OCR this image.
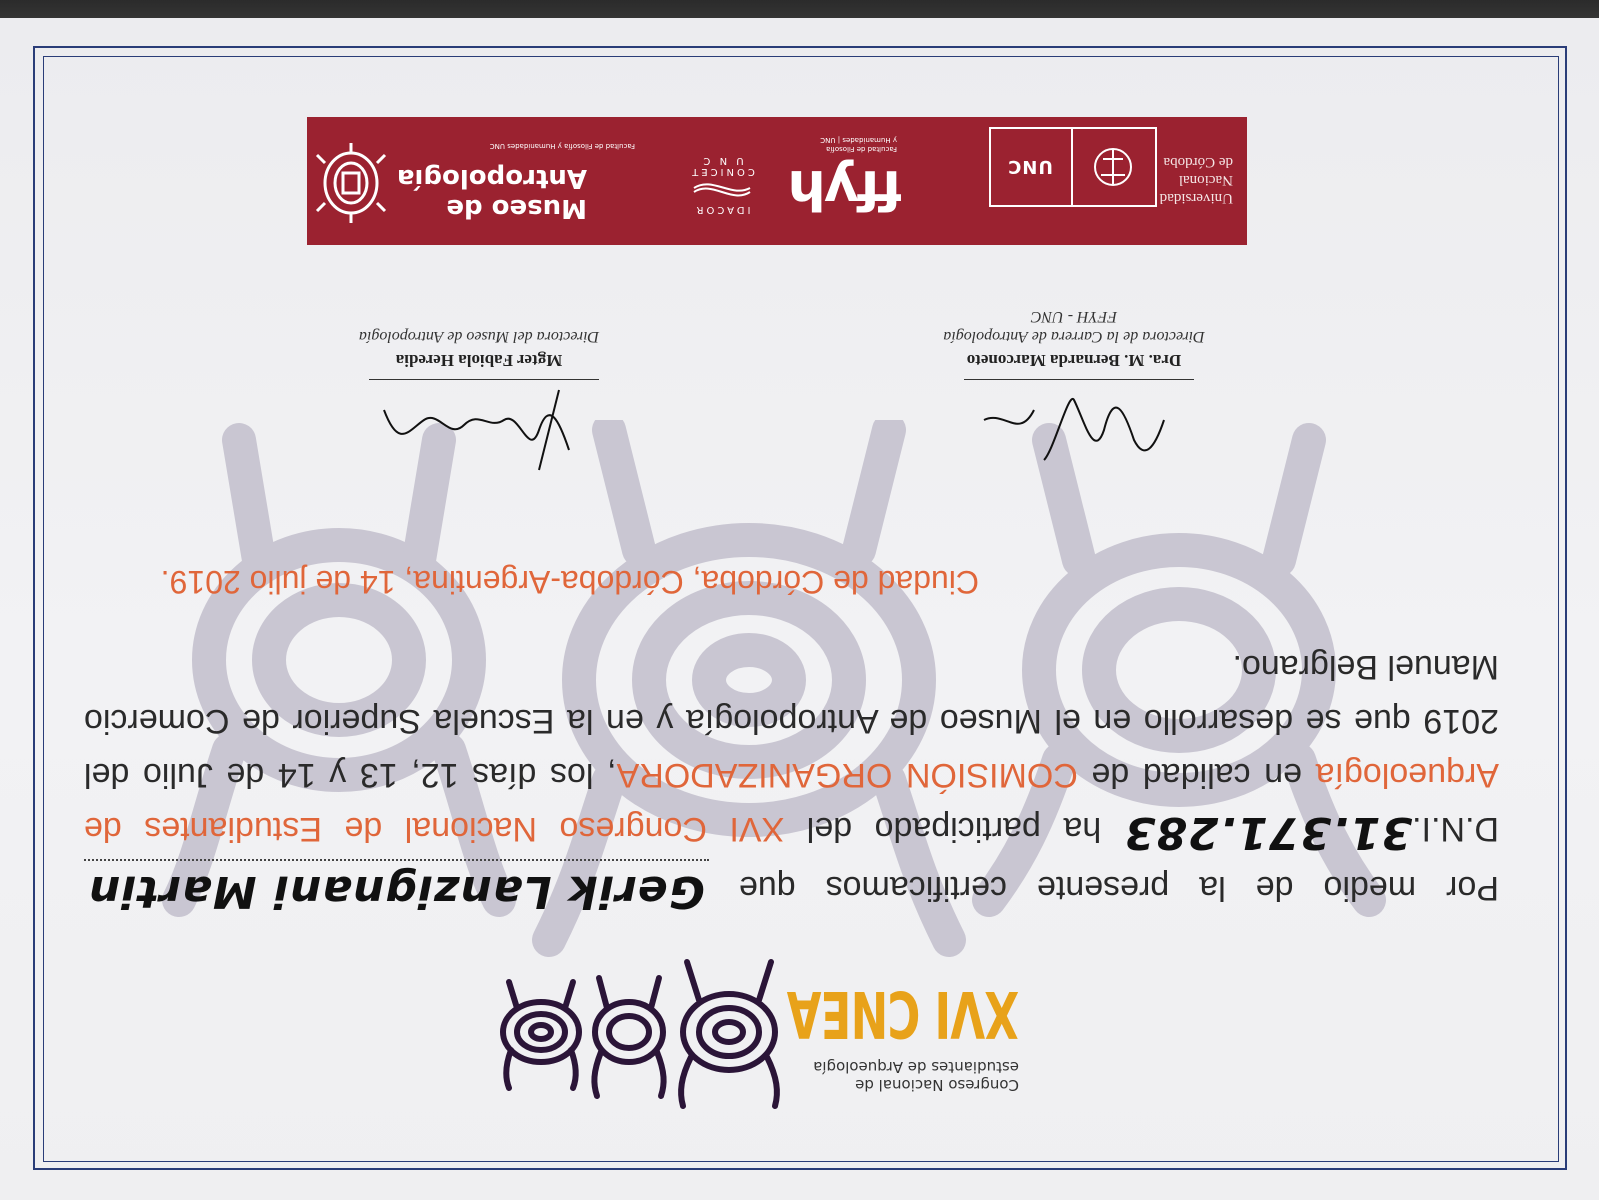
Congreso Nacional de
estudiantes de Arqueología
XVI CNEA
Por medio de la presente certificamos que Gerik Lanzignani Martin D.N.I.31.371.283 ha participado del XVI Congreso Nacional de Estudiantes de Arqueología en calidad de COMISIÓN ORGANIZADORA, los días 12, 13 y 14 de Julio del 2019 que se desarrollo en el Museo de Antropología y en la Escuela Superior de Comercio Manuel Belgrano.
Ciudad de Córdoba, Córdoba-Argentina, 14 de julio 2019.
Dra. M. Bernarda Marconeto
Directora de la Carrera de Antropología
FFYH - UNC
Mgter Fabiola Heredia
Directora del Museo de Antropología
Museo de
Antropología
Facultad de Filosofía y Humanidades UNC
IDACOR
CONICET
U N C ffyh
Facultad de Filosofía
y Humanidades | UNC
UNC
Universidad
Nacional
de Córdoba
